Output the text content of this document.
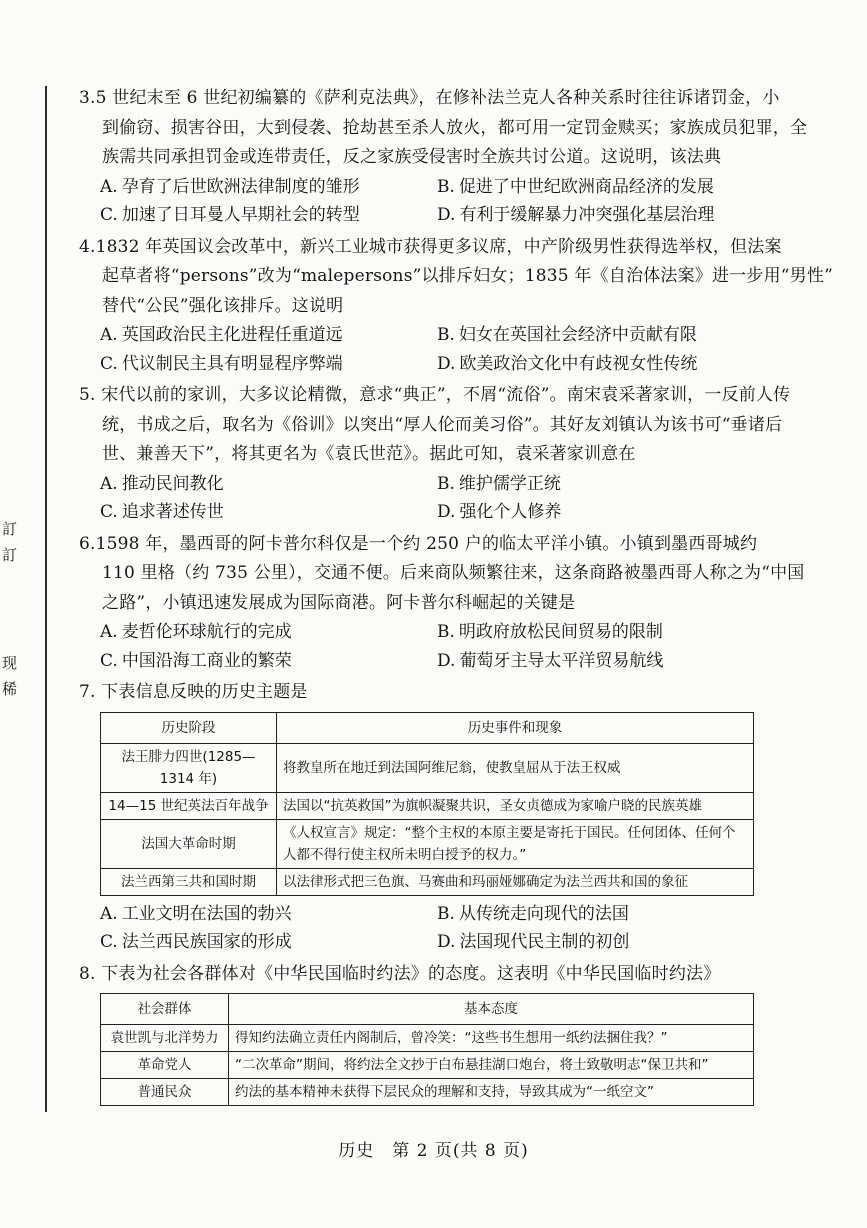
訂
訂
现
稀
3.5 世纪末至 6 世纪初编纂的《萨利克法典》，在修补法兰克人各种关系时往往诉诸罚金，小
到偷窃、损害谷田，大到侵袭、抢劫甚至杀人放火，都可用一定罚金赎买；家族成员犯罪，全
族需共同承担罚金或连带责任，反之家族受侵害时全族共讨公道。这说明，该法典
A. 孕育了后世欧洲法律制度的雏形	B. 促进了中世纪欧洲商品经济的发展
C. 加速了日耳曼人早期社会的转型	D. 有利于缓解暴力冲突强化基层治理
4.1832 年英国议会改革中，新兴工业城市获得更多议席，中产阶级男性获得选举权，但法案
起草者将“persons”改为“malepersons”以排斥妇女；1835 年《自治体法案》进一步用“男性”
替代“公民”强化该排斥。这说明
A. 英国政治民主化进程任重道远	B. 妇女在英国社会经济中贡献有限
C. 代议制民主具有明显程序弊端	D. 欧美政治文化中有歧视女性传统
5. 宋代以前的家训，大多议论精微，意求“典正”，不屑“流俗”。南宋袁采著家训，一反前人传
统，书成之后，取名为《俗训》以突出“厚人伦而美习俗”。其好友刘镇认为该书可“垂诸后
世、兼善天下”，将其更名为《袁氏世范》。据此可知，袁采著家训意在
A. 推动民间教化	B. 维护儒学正统
C. 追求著述传世	D. 强化个人修养
6.1598 年，墨西哥的阿卡普尔科仅是一个约 250 户的临太平洋小镇。小镇到墨西哥城约
110 里格（约 735 公里），交通不便。后来商队频繁往来，这条商路被墨西哥人称之为“中国
之路”，小镇迅速发展成为国际商港。阿卡普尔科崛起的关键是
A. 麦哲伦环球航行的完成	B. 明政府放松民间贸易的限制
C. 中国沿海工商业的繁荣	D. 葡萄牙主导太平洋贸易航线
7. 下表信息反映的历史主题是
历史阶段	历史事件和现象
法王腓力四世(1285—1314 年)	将教皇所在地迁到法国阿维尼翁，使教皇屈从于法王权威
14—15 世纪英法百年战争	法国以“抗英救国”为旗帜凝聚共识，圣女贞德成为家喻户晓的民族英雄
法国大革命时期	《人权宣言》规定：“整个主权的本原主要是寄托于国民。任何团体、任何个人都不得行使主权所未明白授予的权力。”
法兰西第三共和国时期	以法律形式把三色旗、马赛曲和玛丽娅娜确定为法兰西共和国的象征
A. 工业文明在法国的勃兴	B. 从传统走向现代的法国
C. 法兰西民族国家的形成	D. 法国现代民主制的初创
8. 下表为社会各群体对《中华民国临时约法》的态度。这表明《中华民国临时约法》
社会群体	基本态度
袁世凯与北洋势力	得知约法确立责任内阁制后，曾冷笑：“这些书生想用一纸约法捆住我？”
革命党人	“二次革命”期间，将约法全文抄于白布悬挂湖口炮台，将士致敬明志“保卫共和”
普通民众	约法的基本精神未获得下层民众的理解和支持，导致其成为“一纸空文”
历史　第 2 页(共 8 页)
